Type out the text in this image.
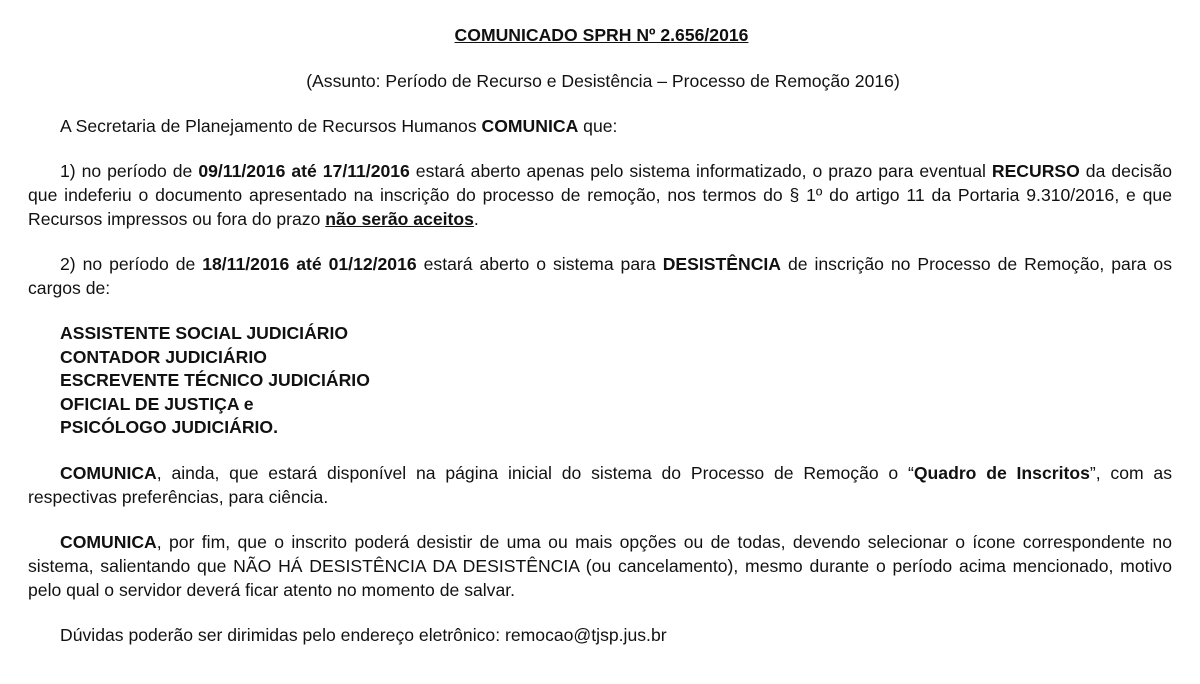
COMUNICADO SPRH Nº 2.656/2016
(Assunto: Período de Recurso e Desistência – Processo de Remoção 2016)

A Secretaria de Planejamento de Recursos Humanos COMUNICA que:

1) no período de 09/11/2016 até 17/11/2016 estará aberto apenas pelo sistema informatizado, o prazo para eventual RECURSO da decisão que indeferiu o documento apresentado na inscrição do processo de remoção, nos termos do § 1º do artigo 11 da Portaria 9.310/2016, e que Recursos impressos ou fora do prazo não serão aceitos.

2) no período de 18/11/2016 até 01/12/2016 estará aberto o sistema para DESISTÊNCIA de inscrição no Processo de Remoção, para os cargos de:

ASSISTENTE SOCIAL JUDICIÁRIO
CONTADOR JUDICIÁRIO
ESCREVENTE TÉCNICO JUDICIÁRIO
OFICIAL DE JUSTIÇA e
PSICÓLOGO JUDICIÁRIO.

COMUNICA, ainda, que estará disponível na página inicial do sistema do Processo de Remoção o “Quadro de Inscritos”, com as respectivas preferências, para ciência.

COMUNICA, por fim, que o inscrito poderá desistir de uma ou mais opções ou de todas, devendo selecionar o ícone correspondente no sistema, salientando que NÃO HÁ DESISTÊNCIA DA DESISTÊNCIA (ou cancelamento), mesmo durante o período acima mencionado, motivo pelo qual o servidor deverá ficar atento no momento de salvar.

Dúvidas poderão ser dirimidas pelo endereço eletrônico: remocao@tjsp.jus.br
